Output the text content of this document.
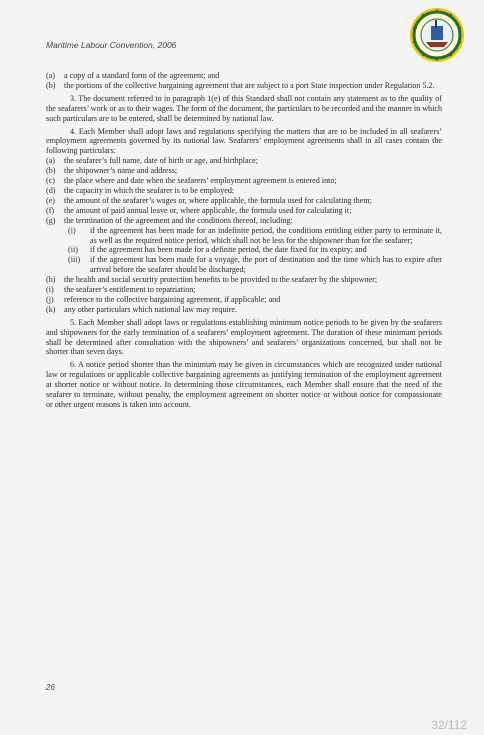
Maritime Labour Convention, 2006
(a)	a copy of a standard form of the agreement; and
(b)	the portions of the collective bargaining agreement that are subject to a port State inspection under Regulation 5.2.

3. The document referred to in paragraph 1(e) of this Standard shall not contain any statement as to the quality of the seafarers’ work or as to their wages. The form of the document, the particulars to be recorded and the manner in which such particulars are to be entered, shall be determined by national law.

4. Each Member shall adopt laws and regulations specifying the matters that are to be included in all seafarers’ employment agreements governed by its national law. Seafarers’ employment agreements shall in all cases contain the following particulars:

(a)	the seafarer’s full name, date of birth or age, and birthplace;
(b)	the shipowner’s name and address;
(c)	the place where and date when the seafarers’ employment agreement is entered into;
(d)	the capacity in which the seafarer is to be employed;
(e)	the amount of the seafarer’s wages or, where applicable, the formula used for calculating them;
(f)	the amount of paid annual leave or, where applicable, the formula used for calculating it;
(g)	the termination of the agreement and the conditions thereof, including:
(i)	if the agreement has been made for an indefinite period, the conditions entitling either party to terminate it, as well as the required notice period, which shall not be less for the shipowner than for the seafarer;
(ii)	if the agreement has been made for a definite period, the date fixed for its expiry; and
(iii)	if the agreement has been made for a voyage, the port of destination and the time which has to expire after arrival before the seafarer should be discharged;
(h)	the health and social security protection benefits to be provided to the seafarer by the shipowner;
(i)	the seafarer’s entitlement to repatriation;
(j)	reference to the collective bargaining agreement, if applicable; and
(k)	any other particulars which national law may require.

5. Each Member shall adopt laws or regulations establishing minimum notice periods to be given by the seafarers and shipowners for the early termination of a seafarers’ employment agreement. The duration of these minimum periods shall be determined after consultation with the shipowners’ and seafarers’ organizations concerned, but shall not be shorter than seven days.

6. A notice period shorter than the minimum may be given in circumstances which are recognized under national law or regulations or applicable collective bargaining agreements as justifying termination of the employment agreement at shorter notice or without notice. In determining those circumstances, each Member shall ensure that the need of the seafarer to terminate, without penalty, the employment agreement on shorter notice or without notice for compassionate or other urgent reasons is taken into account.

26
32/112
